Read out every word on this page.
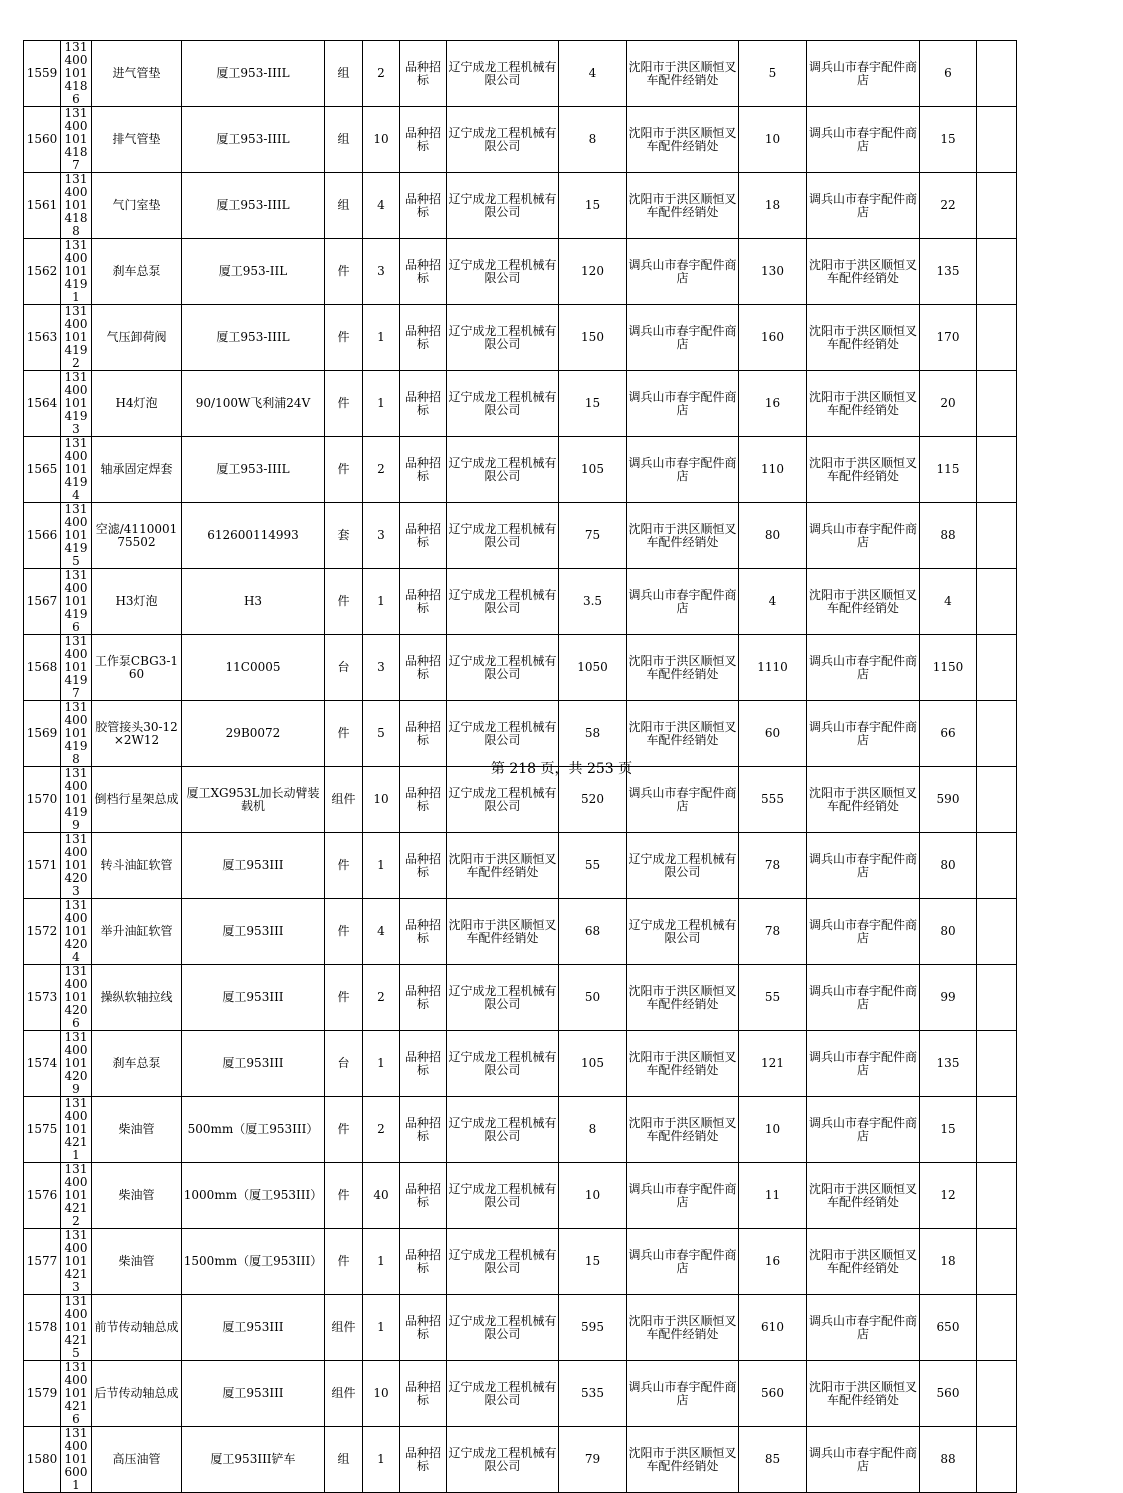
1559	1314001014186	进气管垫	厦工953-IIIL	组	2	品种招标	辽宁成龙工程机械有限公司	4	沈阳市于洪区顺恒叉车配件经销处	5	调兵山市春宇配件商店	6	
1560	1314001014187	排气管垫	厦工953-IIIL	组	10	品种招标	辽宁成龙工程机械有限公司	8	沈阳市于洪区顺恒叉车配件经销处	10	调兵山市春宇配件商店	15	
1561	1314001014188	气门室垫	厦工953-IIIL	组	4	品种招标	辽宁成龙工程机械有限公司	15	沈阳市于洪区顺恒叉车配件经销处	18	调兵山市春宇配件商店	22	
1562	1314001014191	刹车总泵	厦工953-IIL	件	3	品种招标	辽宁成龙工程机械有限公司	120	调兵山市春宇配件商店	130	沈阳市于洪区顺恒叉车配件经销处	135	
1563	1314001014192	气压卸荷阀	厦工953-IIIL	件	1	品种招标	辽宁成龙工程机械有限公司	150	调兵山市春宇配件商店	160	沈阳市于洪区顺恒叉车配件经销处	170	
1564	1314001014193	H4灯泡	90/100W飞利浦24V	件	1	品种招标	辽宁成龙工程机械有限公司	15	调兵山市春宇配件商店	16	沈阳市于洪区顺恒叉车配件经销处	20	
1565	1314001014194	轴承固定焊套	厦工953-IIIL	件	2	品种招标	辽宁成龙工程机械有限公司	105	调兵山市春宇配件商店	110	沈阳市于洪区顺恒叉车配件经销处	115	
1566	1314001014195	空滤/411000175502	612600114993	套	3	品种招标	辽宁成龙工程机械有限公司	75	沈阳市于洪区顺恒叉车配件经销处	80	调兵山市春宇配件商店	88	
1567	1314001014196	H3灯泡	H3	件	1	品种招标	辽宁成龙工程机械有限公司	3.5	调兵山市春宇配件商店	4	沈阳市于洪区顺恒叉车配件经销处	4	
1568	1314001014197	工作泵CBG3-160	11C0005	台	3	品种招标	辽宁成龙工程机械有限公司	1050	沈阳市于洪区顺恒叉车配件经销处	1110	调兵山市春宇配件商店	1150	
1569	1314001014198	胶管接头30-12×2W12	29B0072	件	5	品种招标	辽宁成龙工程机械有限公司	58	沈阳市于洪区顺恒叉车配件经销处	60	调兵山市春宇配件商店	66	
1570	1314001014199	倒档行星架总成	厦工XG953L加长动臂装载机	组件	10	品种招标	辽宁成龙工程机械有限公司	520	调兵山市春宇配件商店	555	沈阳市于洪区顺恒叉车配件经销处	590	
1571	1314001014203	转斗油缸软管	厦工953III	件	1	品种招标	沈阳市于洪区顺恒叉车配件经销处	55	辽宁成龙工程机械有限公司	78	调兵山市春宇配件商店	80	
1572	1314001014204	举升油缸软管	厦工953III	件	4	品种招标	沈阳市于洪区顺恒叉车配件经销处	68	辽宁成龙工程机械有限公司	78	调兵山市春宇配件商店	80	
1573	1314001014206	操纵软轴拉线	厦工953III	件	2	品种招标	辽宁成龙工程机械有限公司	50	沈阳市于洪区顺恒叉车配件经销处	55	调兵山市春宇配件商店	99	
1574	1314001014209	刹车总泵	厦工953III	台	1	品种招标	辽宁成龙工程机械有限公司	105	沈阳市于洪区顺恒叉车配件经销处	121	调兵山市春宇配件商店	135	
1575	1314001014211	柴油管	500mm（厦工953III）	件	2	品种招标	辽宁成龙工程机械有限公司	8	沈阳市于洪区顺恒叉车配件经销处	10	调兵山市春宇配件商店	15	
1576	1314001014212	柴油管	1000mm（厦工953III）	件	40	品种招标	辽宁成龙工程机械有限公司	10	调兵山市春宇配件商店	11	沈阳市于洪区顺恒叉车配件经销处	12	
1577	1314001014213	柴油管	1500mm（厦工953III）	件	1	品种招标	辽宁成龙工程机械有限公司	15	调兵山市春宇配件商店	16	沈阳市于洪区顺恒叉车配件经销处	18	
1578	1314001014215	前节传动轴总成	厦工953III	组件	1	品种招标	辽宁成龙工程机械有限公司	595	沈阳市于洪区顺恒叉车配件经销处	610	调兵山市春宇配件商店	650	
1579	1314001014216	后节传动轴总成	厦工953III	组件	10	品种招标	辽宁成龙工程机械有限公司	535	调兵山市春宇配件商店	560	沈阳市于洪区顺恒叉车配件经销处	560	
1580	1314001016001	高压油管	厦工953III铲车	组	1	品种招标	辽宁成龙工程机械有限公司	79	沈阳市于洪区顺恒叉车配件经销处	85	调兵山市春宇配件商店	88	
第 218 页，共 253 页
